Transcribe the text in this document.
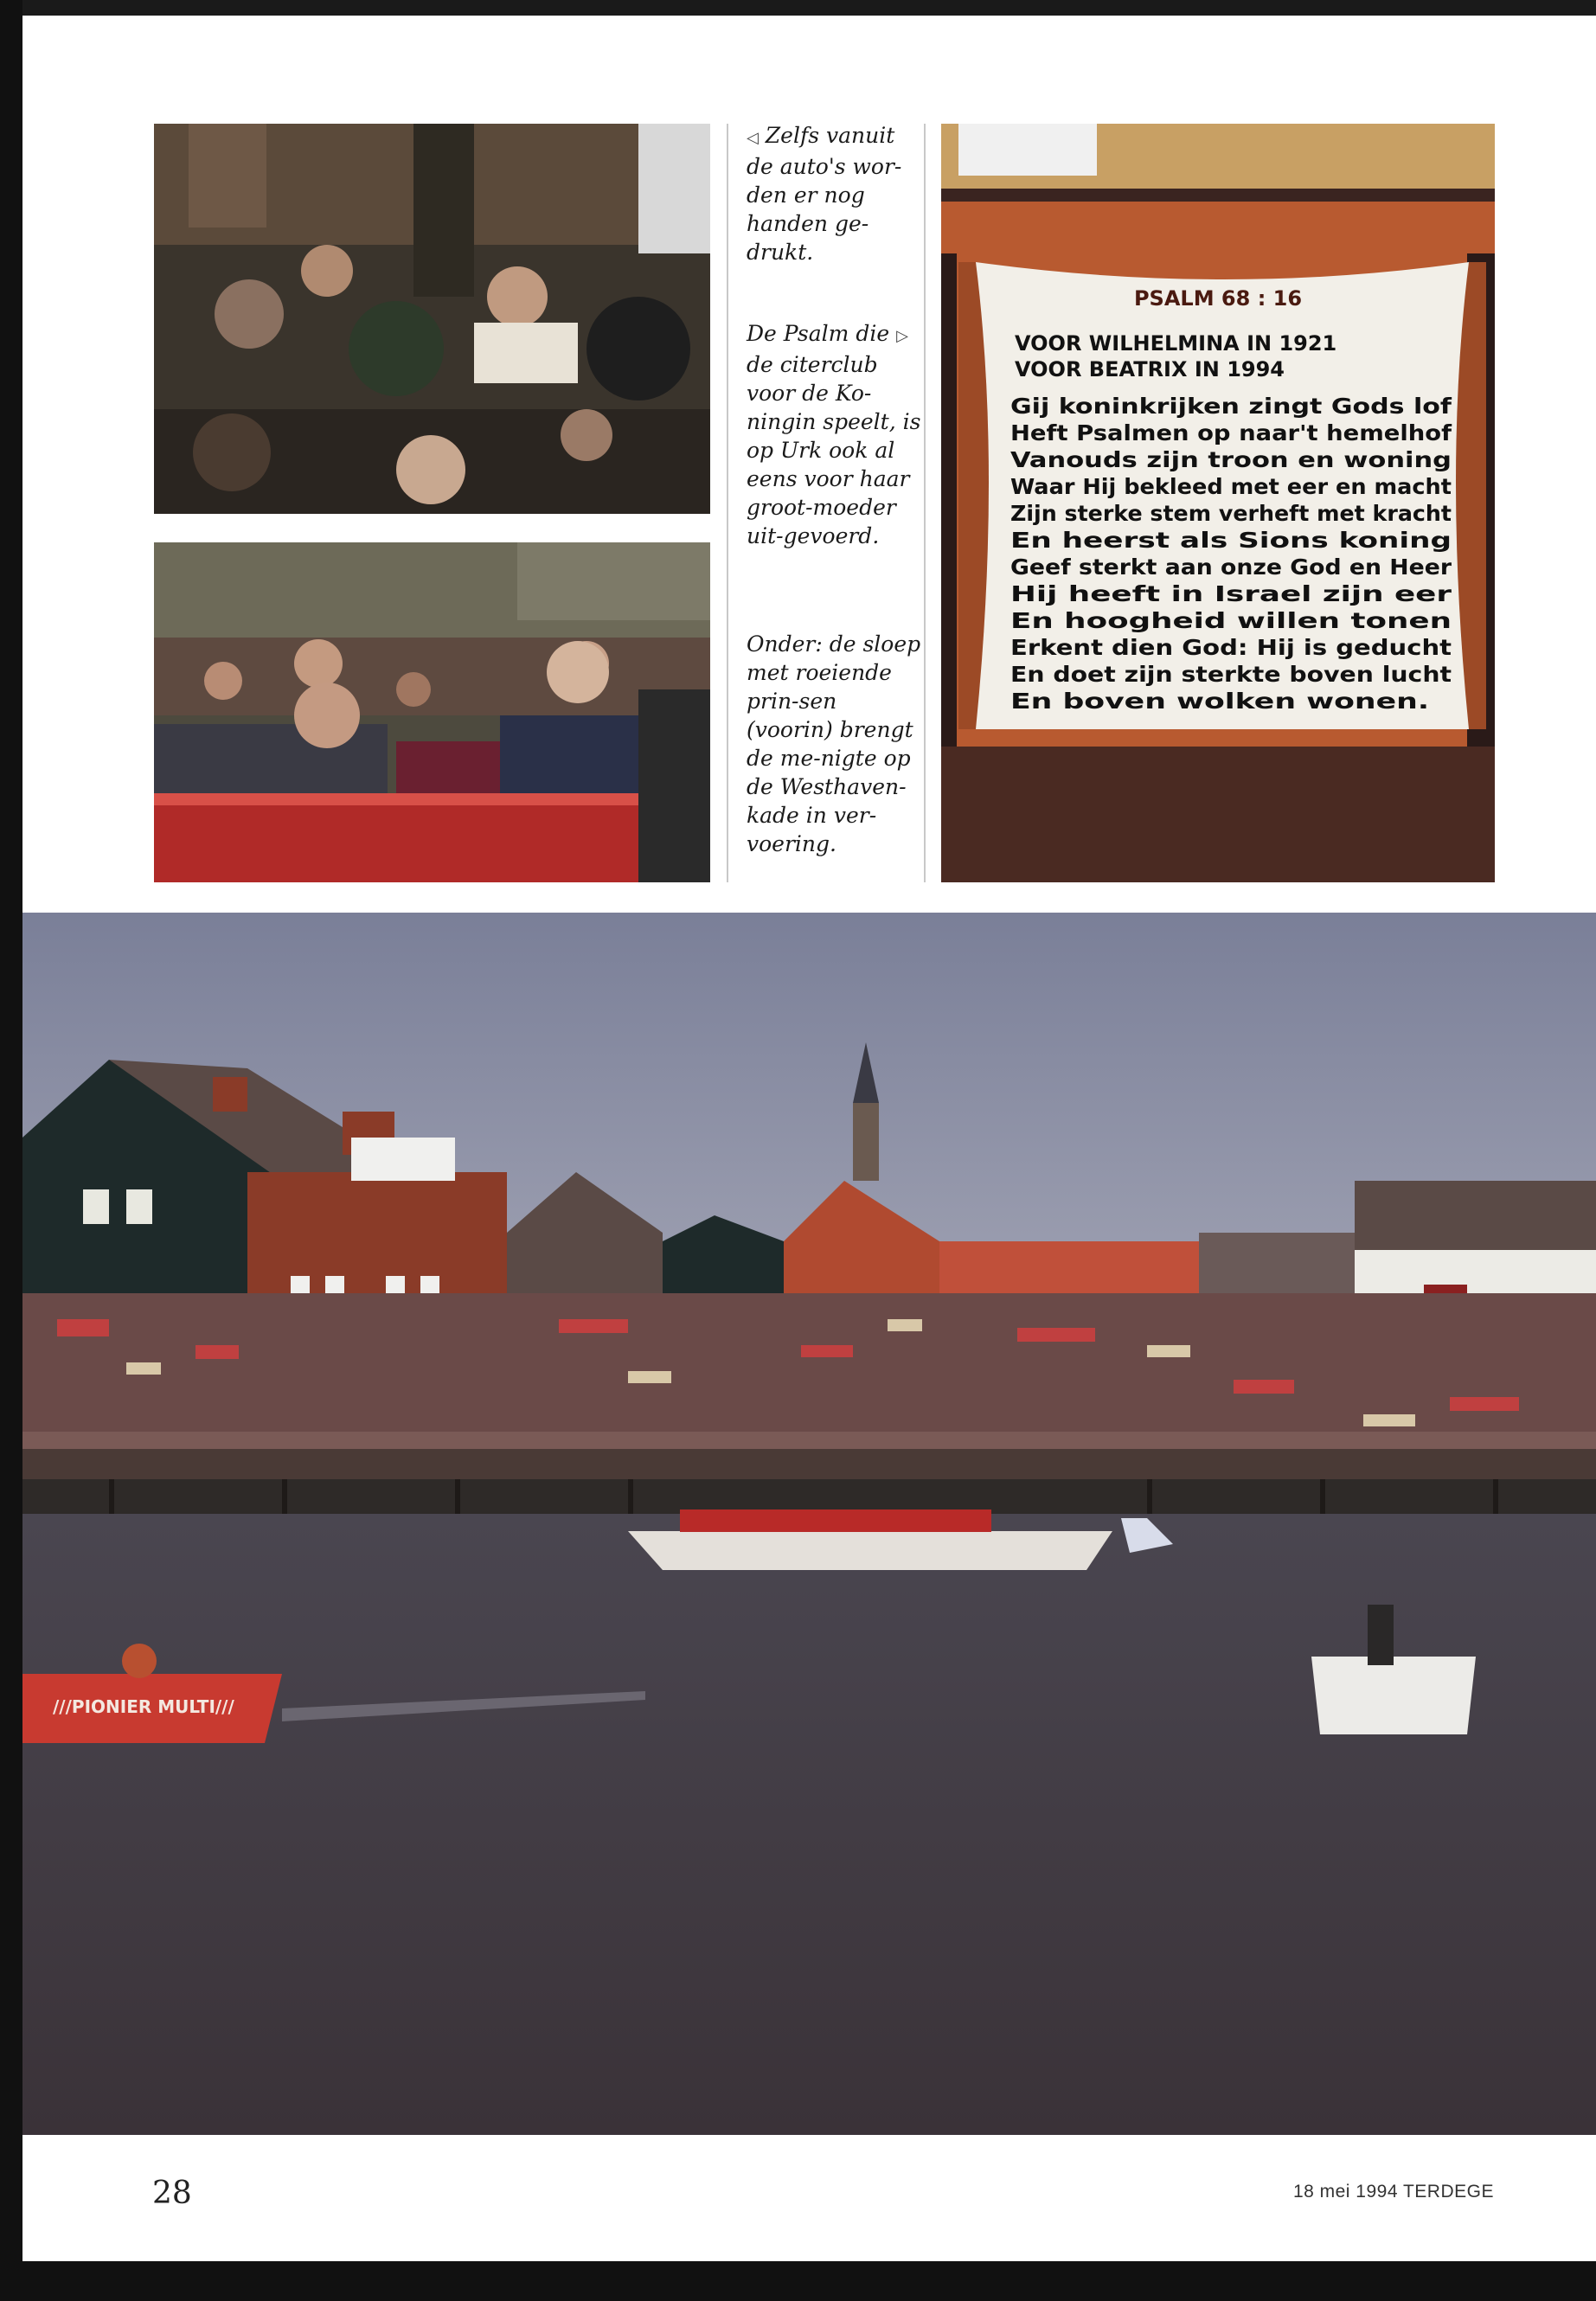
◁ Zelfs vanuit de auto's wor-den er nog handen ge-drukt.

De Psalm die ▷ de citerclub voor de Ko-ningin speelt, is op Urk ook al eens voor haar groot-moeder uit-gevoerd.

Onder: de sloep met roeiende prin-sen (voorin) brengt de me-nigte op de Westhaven-kade in ver-voering.

PSALM 68 : 16
VOOR WILHELMINA IN 1921
VOOR BEATRIX IN 1994
Gij koninkrijken zingt Gods lof
Heft Psalmen op naar't hemelhof
Vanouds zijn troon en woning
Waar Hij bekleed met eer en macht
Zijn sterke stem verheft met kracht
En heerst als Sions koning
Geef sterkt aan onze God en Heer
Hij heeft in Israel zijn eer
En hoogheid willen tonen
Erkent dien God: Hij is geducht
En doet zijn sterkte boven lucht
En boven wolken wonen.
///PIONIER MULTI///
28	18 mei 1994 TERDEGE
